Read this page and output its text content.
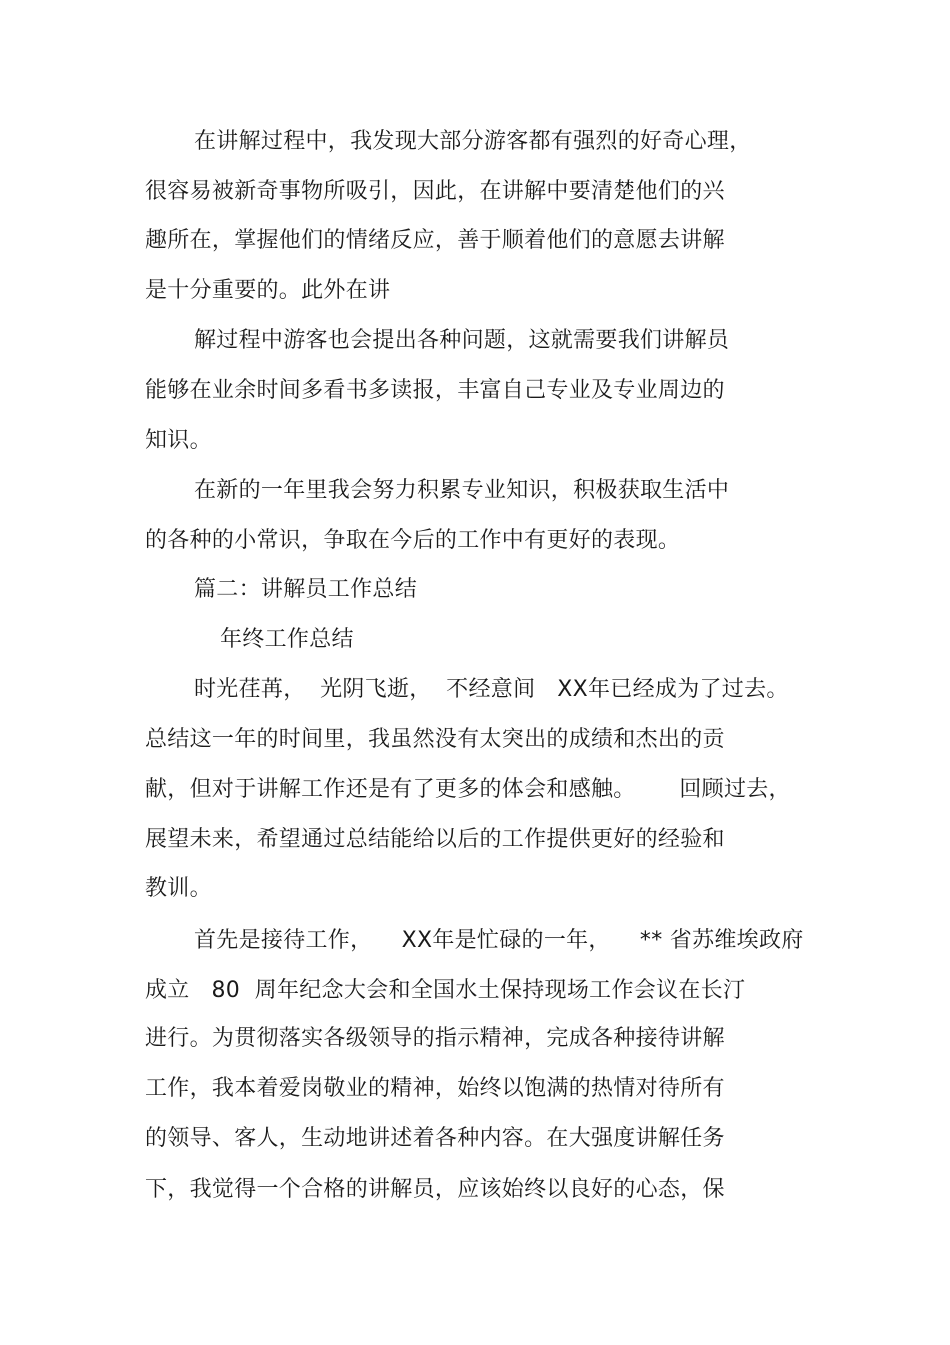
在讲解过程中，我发现大部分游客都有强烈的好奇心理，
很容易被新奇事物所吸引，因此，在讲解中要清楚他们的兴
趣所在，掌握他们的情绪反应，善于顺着他们的意愿去讲解
是十分重要的。此外在讲
解过程中游客也会提出各种问题，这就需要我们讲解员
能够在业余时间多看书多读报，丰富自己专业及专业周边的
知识。
在新的一年里我会努力积累专业知识，积极获取生活中
的各种的小常识，争取在今后的工作中有更好的表现。
篇二：讲解员工作总结
年终工作总结
时光荏苒，  光阴飞逝，  不经意间   XX年已经成为了过去。
总结这一年的时间里，我虽然没有太突出的成绩和杰出的贡
献，但对于讲解工作还是有了更多的体会和感触。      回顾过去，
展望未来，希望通过总结能给以后的工作提供更好的经验和
教训。
首先是接待工作，    XX年是忙碌的一年，    ** 省苏维埃政府
成立   80  周年纪念大会和全国水土保持现场工作会议在长汀
进行。为贯彻落实各级领导的指示精神，完成各种接待讲解
工作，我本着爱岗敬业的精神，始终以饱满的热情对待所有
的领导、客人，生动地讲述着各种内容。在大强度讲解任务
下，我觉得一个合格的讲解员，应该始终以良好的心态，保
